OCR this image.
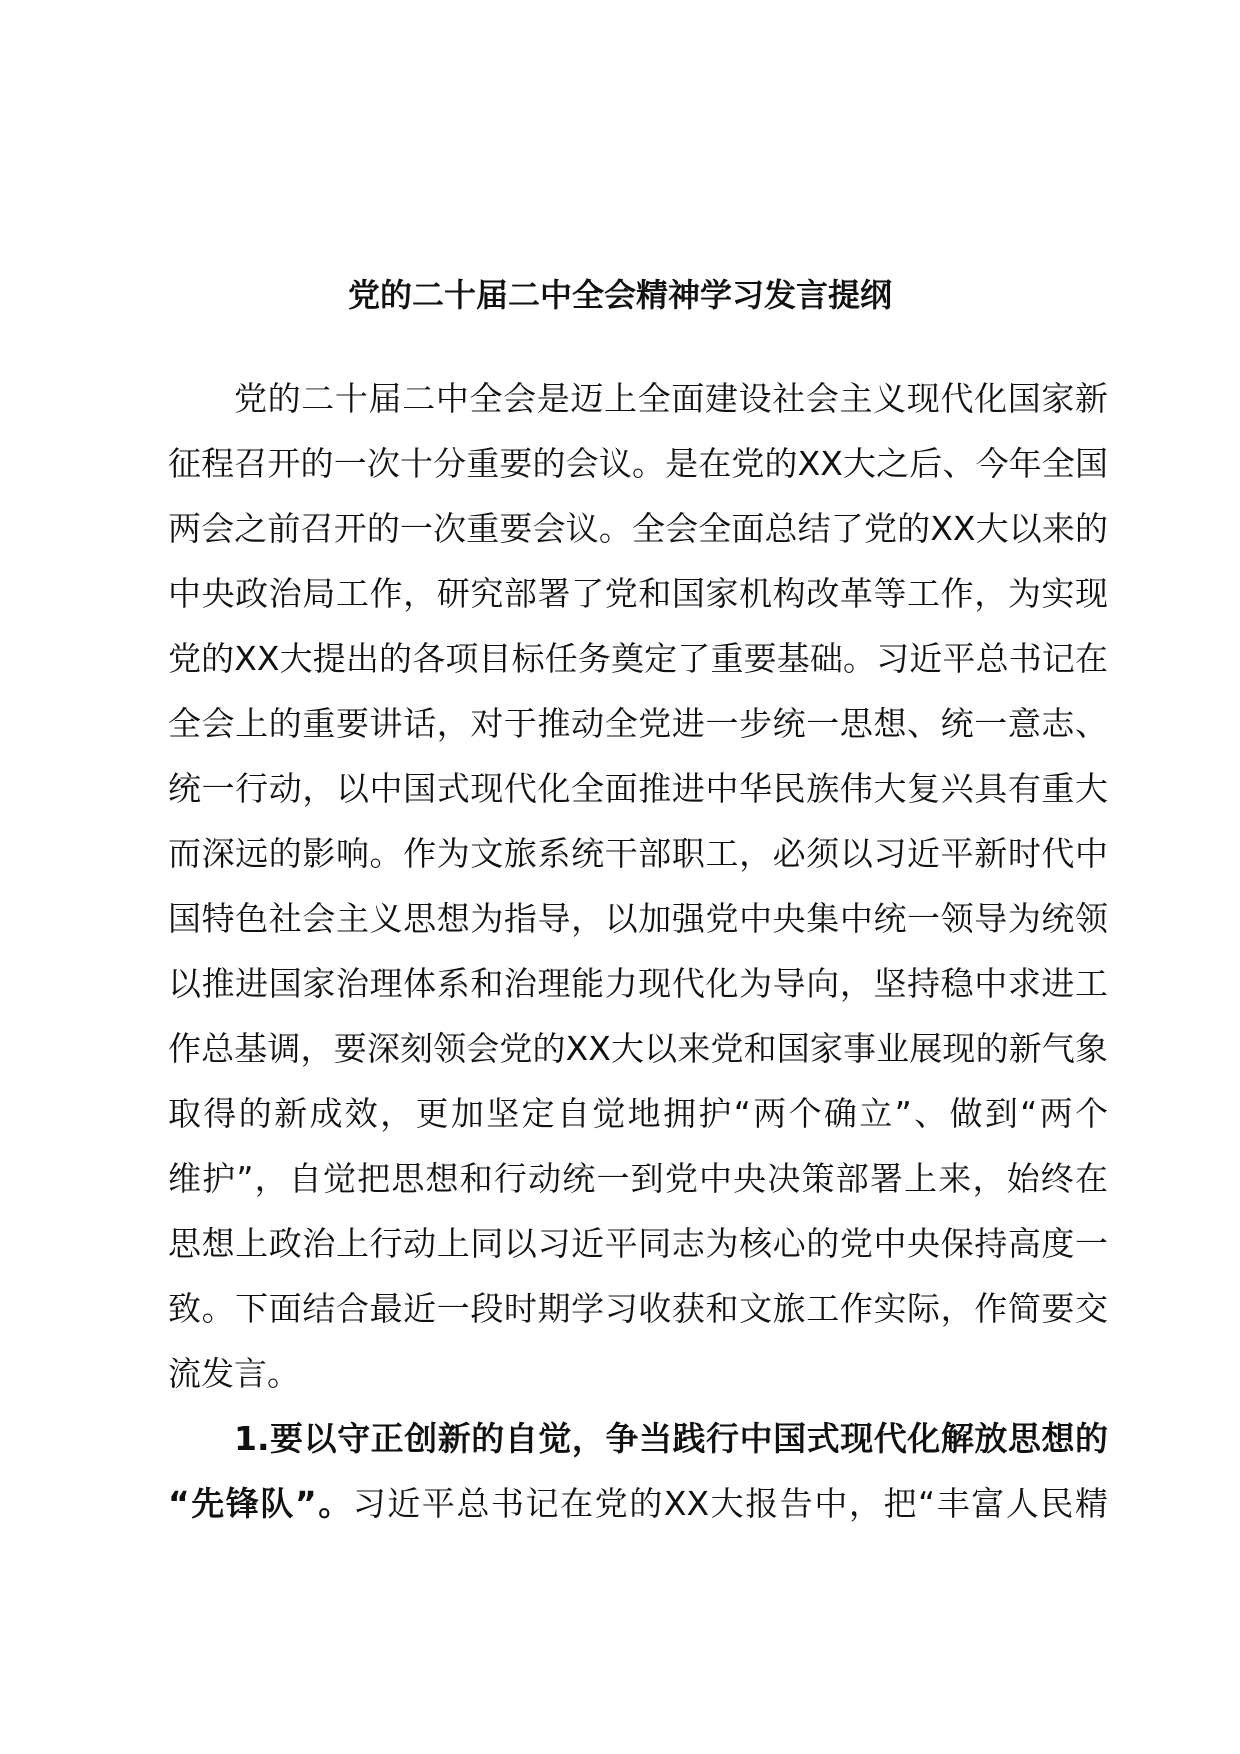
党的二十届二中全会精神学习发言提纲
党的二十届二中全会是迈上全面建设社会主义现代化国家新
征程召开的一次十分重要的会议。是在党的XX大之后、今年全国
两会之前召开的一次重要会议。全会全面总结了党的XX大以来的
中央政治局工作，研究部署了党和国家机构改革等工作，为实现
党的XX大提出的各项目标任务奠定了重要基础。习近平总书记在
全会上的重要讲话，对于推动全党进一步统一思想、统一意志、
统一行动，以中国式现代化全面推进中华民族伟大复兴具有重大
而深远的影响。作为文旅系统干部职工，必须以习近平新时代中
国特色社会主义思想为指导，以加强党中央集中统一领导为统领
以推进国家治理体系和治理能力现代化为导向，坚持稳中求进工
作总基调，要深刻领会党的XX大以来党和国家事业展现的新气象
取得的新成效，更加坚定自觉地拥护“两个确立”、做到“两个
维护”，自觉把思想和行动统一到党中央决策部署上来，始终在
思想上政治上行动上同以习近平同志为核心的党中央保持高度一
致。下面结合最近一段时期学习收获和文旅工作实际，作简要交
流发言。
1.要以守正创新的自觉，争当践行中国式现代化解放思想的
“先锋队”。习近平总书记在党的XX大报告中，把“丰富人民精
